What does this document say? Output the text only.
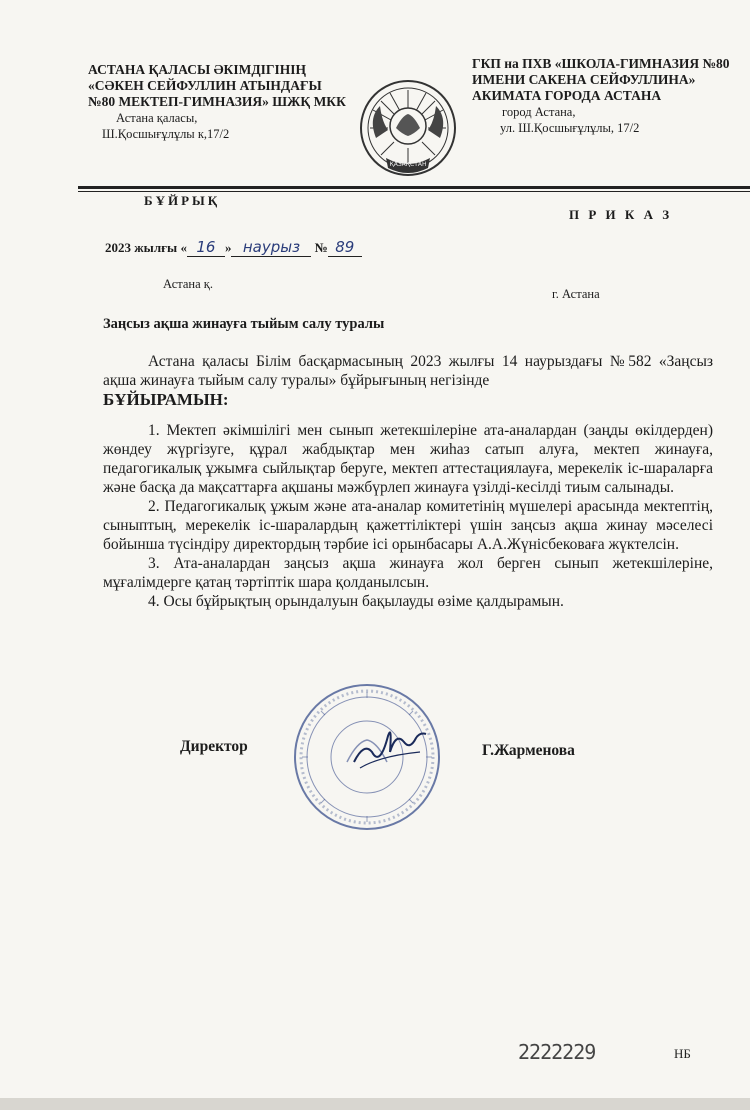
АСТАНА ҚАЛАСЫ ӘКІМДІГІНІҢ
«СӘКЕН СЕЙФУЛЛИН АТЫНДАҒЫ
№80 МЕКТЕП-ГИМНАЗИЯ» ШЖҚ МКК
Астана қаласы,
Ш.Қосшығұлұлы к,17/2
ҚАЗАҚСТАН
ГКП на ПХВ «ШКОЛА-ГИМНАЗИЯ №80
ИМЕНИ САКЕНА СЕЙФУЛЛИНА»
АКИМАТА ГОРОДА АСТАНА
город Астана,
ул. Ш.Қосшығұлұлы, 17/2
БҰЙРЫҚ
П Р И К А З
2023 жылғы « 16 » наурыз № 89
Астана қ.
г. Астана
Заңсыз ақша жинауға тыйым салу туралы

Астана қаласы Білім басқармасының 2023 жылғы 14 наурыздағы №582 «Заңсыз ақша жинауға тыйым салу туралы» бұйрығының негізінде

БҰЙЫРАМЫН:

1. Мектеп әкімшілігі мен сынып жетекшілеріне ата-аналардан (заңды өкілдерден) жөндеу жүргізуге, құрал жабдықтар мен жиһаз сатып алуға, мектеп жинауға, педагогикалық ұжымға сыйлықтар беруге, мектеп аттестациялауға, мерекелік іс-шараларға және басқа да мақсаттарға ақшаны мәжбүрлеп жинауға үзілді-кесілді тиым салынады.

2. Педагогикалық ұжым және ата-аналар комитетінің мүшелері арасында мектептің, сыныптың, мерекелік іс-шаралардың қажеттіліктері үшін заңсыз ақша жинау мәселесі бойынша түсіндіру директордың тәрбие ісі орынбасары А.А.Жүнісбековаға жүктелсін.

3. Ата-аналардан заңсыз ақша жинауға жол берген сынып жетекшілеріне, мұғалімдерге қатаң тәртіптік шара қолданылсын.

4. Осы бұйрықтың орындалуын бақылауды өзіме қалдырамын.

Директор	Г.Жарменова
2222229	НБ
